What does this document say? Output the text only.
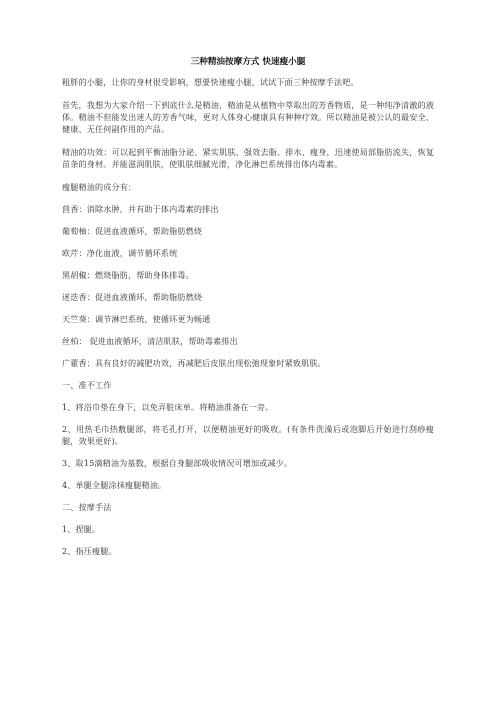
三种精油按摩方式 快速瘦小腿

粗胖的小腿，让你的身材很受影响，想要快速瘦小腿，试试下面三种按摩手法吧。

首先，我想为大家介绍一下到底什么是精油，精油是从植物中萃取出的芳香物质，是一种纯净清澈的液体。精油不但能发出迷人的芳香气味，更对人体身心健康具有种种疗效。所以精油是被公认的最安全、健康、无任何副作用的产品。

精油的功效：可以起到平衡油脂分泌、紧实肌肤、强效去脂、排水、瘦身，迅速使局部脂肪流失，恢复苗条的身材。并能滋润肌肤，使肌肤细腻光滑，净化淋巴系统排出体内毒素。

瘦腿精油的成分有：

茴香：消除水肿，并有助于体内毒素的排出

葡萄柚：促进血液循环，帮助脂肪燃烧

欧芹：净化血液，调节循环系统

黑胡椒：燃烧脂肪，帮助身体排毒。

迷迭香：促进血液循环，帮助脂肪燃烧

天竺葵：调节淋巴系统，使循环更为畅通

丝柏： 促进血液循环，清洁肌肤，帮助毒素排出

广藿香：具有良好的减肥功效，再减肥后皮肤出现松弛现象时紧致肌肤。

一、准不工作

1、将浴巾垫在身下，以免弄脏床单。将精油准备在一旁。

2、用热毛巾热敷腿部，将毛孔打开，以便精油更好的吸收。(有条件洗澡后或泡脚后开始进行刮痧瘦腿，效果更好)。

3、取15滴精油为基数，根据自身腿部吸收情况可增加或减少。

4、单腿全腿涂抹瘦腿精油。

二、按摩手法

1、捏腿。

2、指压瘦腿。
